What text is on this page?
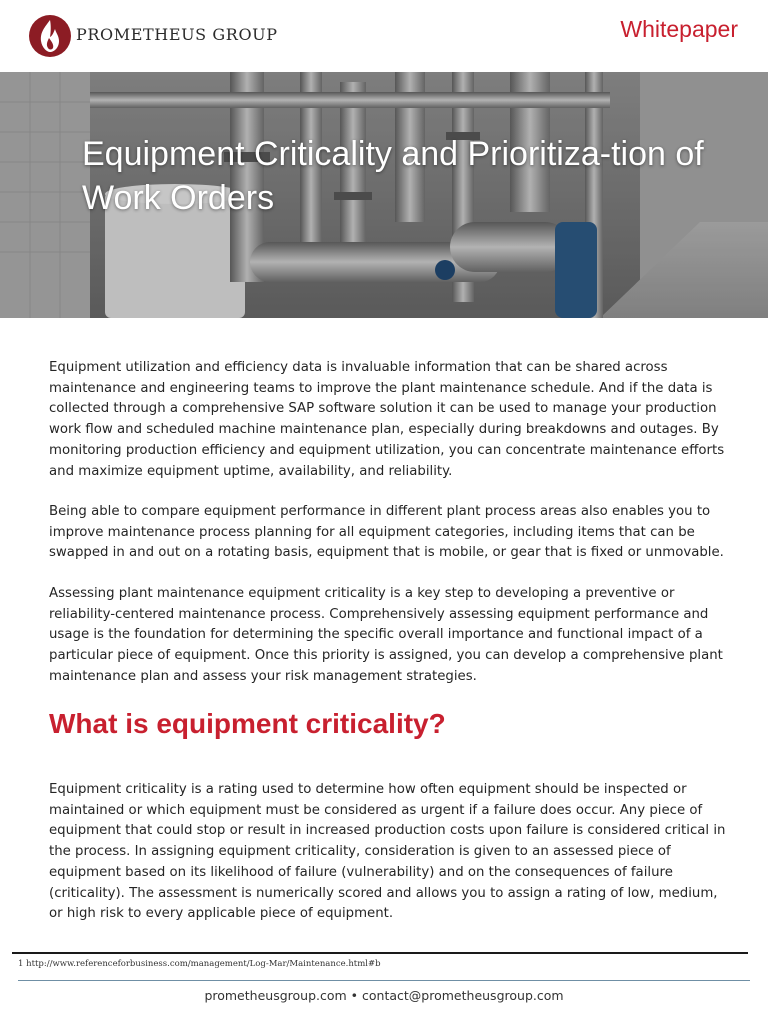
PROMETHEUS GROUP	Whitepaper
Equipment Criticality and Prioritiza-tion of Work Orders

Equipment utilization and efficiency data is invaluable information that can be shared across maintenance and engineering teams to improve the plant maintenance schedule. And if the data is collected through a comprehensive SAP software solution it can be used to manage your production work flow and scheduled machine maintenance plan, especially during breakdowns and outages. By monitoring production efficiency and equipment utilization, you can concentrate maintenance efforts and maximize equipment uptime, availability, and reliability.

Being able to compare equipment performance in different plant process areas also enables you to improve maintenance process planning for all equipment categories, including items that can be swapped in and out on a rotating basis, equipment that is mobile, or gear that is fixed or unmovable.

Assessing plant maintenance equipment criticality is a key step to developing a preventive or reliability-centered maintenance process. Comprehensively assessing equipment performance and usage is the foundation for determining the specific overall importance and functional impact of a particular piece of equipment. Once this priority is assigned, you can develop a comprehensive plant maintenance plan and assess your risk management strategies.

What is equipment criticality?

Equipment criticality is a rating used to determine how often equipment should be inspected or maintained or which equipment must be considered as urgent if a failure does occur. Any piece of equipment that could stop or result in increased production costs upon failure is considered critical in the process. In assigning equipment criticality, consideration is given to an assessed piece of equipment based on its likelihood of failure (vulnerability) and on the consequences of failure (criticality). The assessment is numerically scored and allows you to assign a rating of low, medium, or high risk to every applicable piece of equipment.

1 http://www.referenceforbusiness.com/management/Log-Mar/Maintenance.html#b
prometheusgroup.com • contact@prometheusgroup.com
